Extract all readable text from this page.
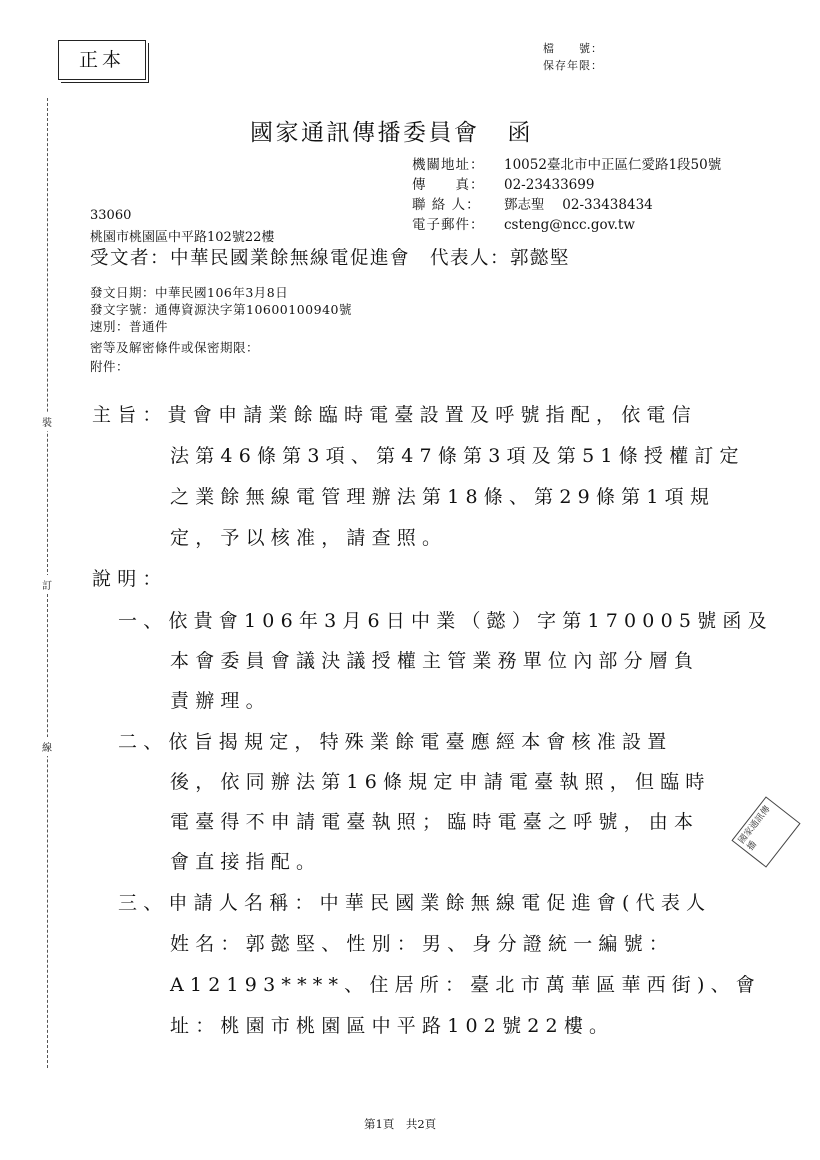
正本
檔　　號：
保存年限：
國家通訊傳播委員會 函
機關地址： 10052臺北市中正區仁愛路1段50號
傳　　真： 02-23433699
聯 絡 人： 鄧志聖　 02-33438434
電子郵件： csteng@ncc.gov.tw
33060
桃園市桃園區中平路102號22樓
受文者：中華民國業餘無線電促進會 代表人：郭懿堅
發文日期：中華民國106年3月8日
發文字號：通傳資源決字第10600100940號
速別：普通件
密等及解密條件或保密期限：
附件：
主旨：貴會申請業餘臨時電臺設置及呼號指配，依電信
法第46條第3項、第47條第3項及第51條授權訂定
之業餘無線電管理辦法第18條、第29條第1項規
定，予以核准，請查照。
說明：
一、依貴會106年3月6日中業（懿）字第170005號函及
本會委員會議決議授權主管業務單位內部分層負
責辦理。
二、依旨揭規定，特殊業餘電臺應經本會核准設置
後，依同辦法第16條規定申請電臺執照，但臨時
電臺得不申請電臺執照；臨時電臺之呼號，由本
會直接指配。
三、申請人名稱：中華民國業餘無線電促進會(代表人
姓名：郭懿堅、性別：男、身分證統一編號：
A12193****、住居所：臺北市萬華區華西街)、會
址：桃園市桃園區中平路102號22樓。
裝
訂
線
國家通訊傳播
第1頁　共2頁
